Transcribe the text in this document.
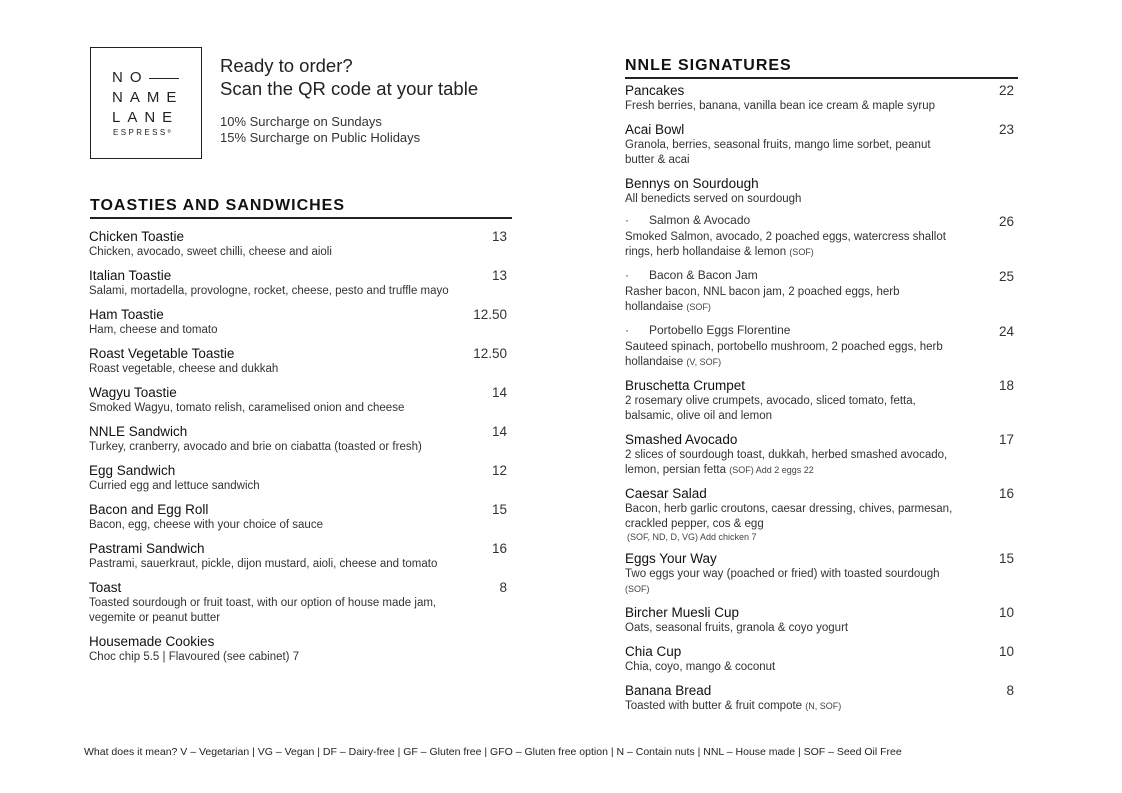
NO
NAME
LANE
ESPRESSº
Ready to order?
Scan the QR code at your table
10% Surcharge on Sundays
15% Surcharge on Public Holidays
TOASTIES AND SANDWICHES
NNLE SIGNATURES
Chicken Toastie	13
Chicken, avocado, sweet chilli, cheese and aioli
Italian Toastie	13
Salami, mortadella, provologne, rocket, cheese, pesto and truffle mayo
Ham Toastie	12.50
Ham, cheese and tomato
Roast Vegetable Toastie	12.50
Roast vegetable, cheese and dukkah
Wagyu Toastie	14
Smoked Wagyu, tomato relish, caramelised onion and cheese
NNLE Sandwich	14
Turkey, cranberry, avocado and brie on ciabatta (toasted or fresh)
Egg Sandwich	12
Curried egg and lettuce sandwich
Bacon and Egg Roll	15
Bacon, egg, cheese with your choice of sauce
Pastrami Sandwich	16
Pastrami, sauerkraut, pickle, dijon mustard, aioli, cheese and tomato
Toast	8
Toasted sourdough or fruit toast, with our option of house made jam, vegemite or peanut butter
Housemade Cookies
Choc chip 5.5 | Flavoured (see cabinet) 7
Pancakes	22
Fresh berries, banana, vanilla bean ice cream & maple syrup
Acai Bowl	23
Granola, berries, seasonal fruits, mango lime sorbet, peanut butter & acai
Bennys on Sourdough
All benedicts served on sourdough
· Salmon & Avocado	26
Smoked Salmon, avocado, 2 poached eggs, watercress shallot rings, herb hollandaise & lemon (SOF)
· Bacon & Bacon Jam	25
Rasher bacon, NNL bacon jam, 2 poached eggs, herb hollandaise (SOF)
· Portobello Eggs Florentine	24
Sauteed spinach, portobello mushroom, 2 poached eggs, herb hollandaise (V, SOF)
Bruschetta Crumpet	18
2 rosemary olive crumpets, avocado, sliced tomato, fetta, balsamic, olive oil and lemon
Smashed Avocado	17
2 slices of sourdough toast, dukkah, herbed smashed avocado, lemon, persian fetta (SOF) Add 2 eggs 22
Caesar Salad	16
Bacon, herb garlic croutons, caesar dressing, chives, parmesan, crackled pepper, cos & egg
(SOF, ND, D, VG) Add chicken 7
Eggs Your Way	15
Two eggs your way (poached or fried) with toasted sourdough (SOF)
Bircher Muesli Cup	10
Oats, seasonal fruits, granola & coyo yogurt
Chia Cup	10
Chia, coyo, mango & coconut
Banana Bread	8
Toasted with butter & fruit compote (N, SOF)
What does it mean? V – Vegetarian | VG – Vegan | DF – Dairy-free | GF – Gluten free | GFO – Gluten free option | N – Contain nuts | NNL – House made | SOF – Seed Oil Free
